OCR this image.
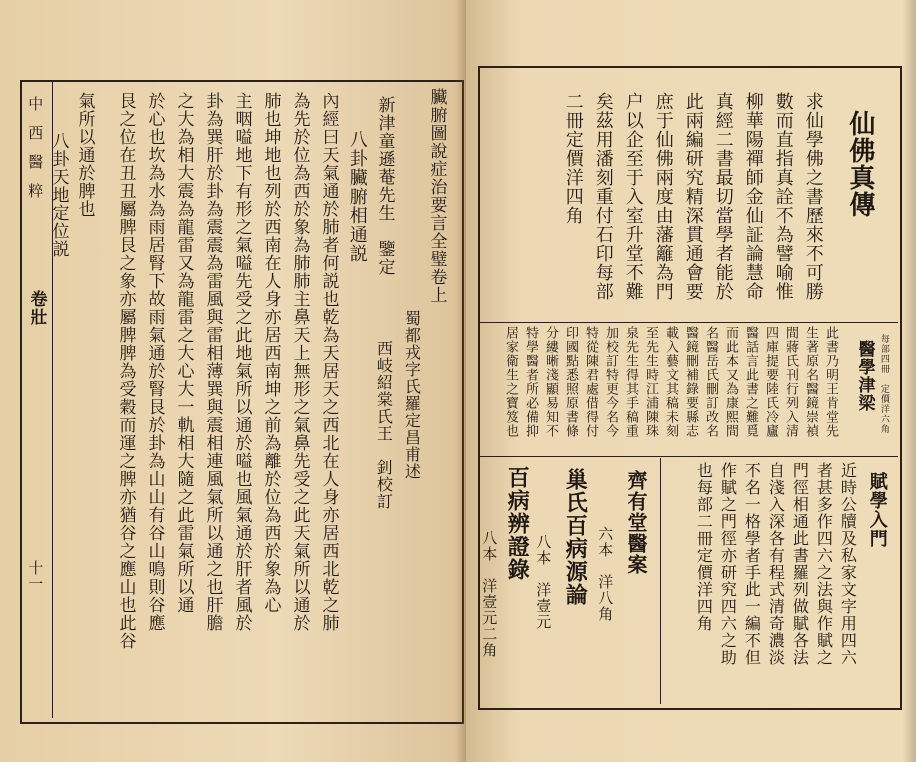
中西醫粹
卷壯
十一
氣所以通於脾也
八卦天地定位説	內經曰天氣通於肺者何説也乾為天居天之西北在人身亦居西北乾之肺
為先於位為西於象為肺肺主鼻天上無形之氣鼻先受之此天氣所以通於
肺也坤地也列於西南在人身亦居西南坤之前為離於位為西於象為心
主咽嗌地下有形之氣嗌先受之此地氣所以通於嗌也風氣通於肝者風於
卦為巽肝於卦為震震為雷風與雷相薄巽與震相連風氣所以通之也肝膽
之大為相大震為龍雷又為龍雷之大心大一軌相大隨之此雷氣所以通
於心也坎為水為雨居腎下故雨氣通於腎艮於卦為山山有谷山鳴則谷應
艮之位在丑丑屬脾艮之象亦屬脾脾為受穀而運之脾亦猶谷之應山也此谷	八卦臟腑相通説 新津童遜菴先生　鑒定
蜀都戎字氏羅定昌甫述
西岐紹棠氏王　釗校訂
臟腑圖說症治要言全璧卷上	仙佛真傳
求仙學佛之書歷來不可勝
數而直指真詮不為譬喻惟
柳華陽禪師金仙証論慧命
真經二書最切當學者能於
此兩編研究精深貫通會要
庶于仙佛兩度由藩籬為門
户以企至于入室升堂不難
矣茲用潘刻重付石印每部
二冊定價洋四角
醫學津梁 每部四冊　定價洋六角
此書乃明王肯堂先
生著原名醫鏡崇禎
間蔣氏刊行列入清
四庫提要陸氏冷廬
醫話言此書之難覓
而此本又為康熙間
名醫岳氏刪訂改名
醫鏡刪補錄要縣志
載入藝文其稿未刻
至先生時江浦陳珠
泉先生得其手稿重
加校訂特更今名今
特從陳君處借得付
印國點悉照原書條
分縷晰淺顯易知不
特學醫者所必備抑
居家衛生之寶笈也
賦學入門
近時公牘及私家文字用四六
者甚多作四六之法與作賦之
門徑相通此書羅列做賦各法
自淺入深各有程式清奇濃淡
不名一格學者手此一編不但
作賦之門徑亦研究四六之助
也每部二冊定價洋四角
齊有堂醫案
六本　洋八角
巢氏百病源論
八本　洋壹元
百病辨證錄
八本　洋壹元二角
